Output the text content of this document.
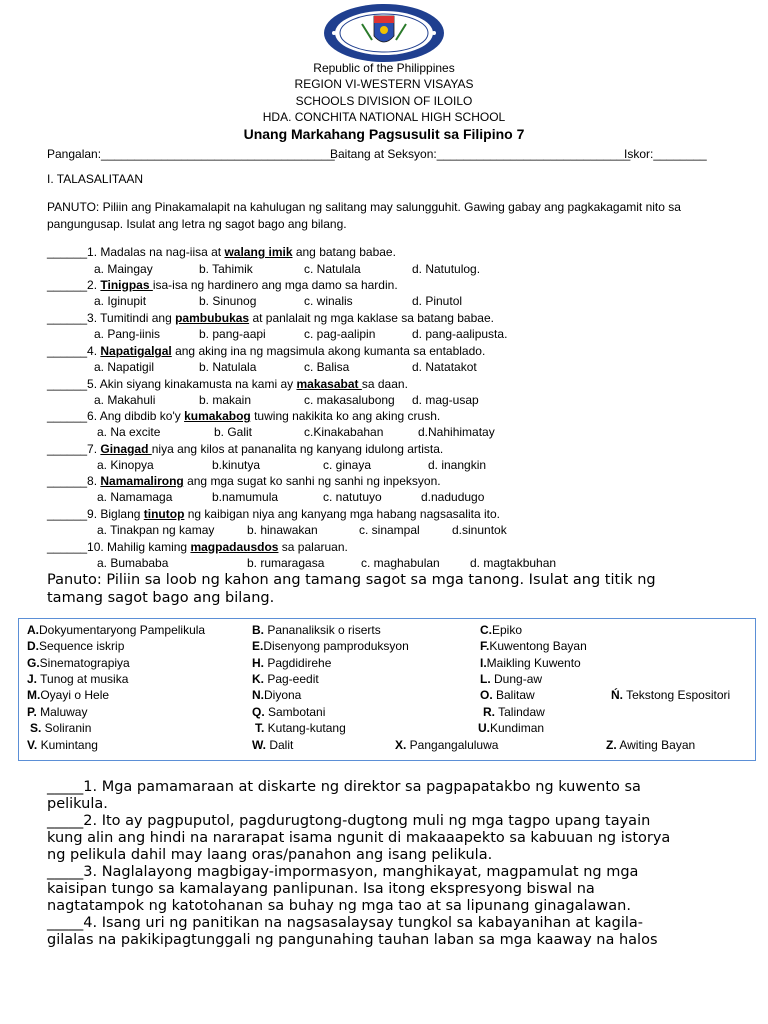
Republic of the Philippines
REGION VI-WESTERN VISAYAS
SCHOOLS DIVISION OF ILOILO
HDA. CONCHITA NATIONAL HIGH SCHOOL
Unang Markahang Pagsusulit sa Filipino 7
Pangalan:___________________________________
Baitang at Seksyon:_____________________________
Iskor:________
I. TALASALITAAN
PANUTO: Piliin ang Pinakamalapit na kahulugan ng salitang may salungguhit. Gawing gabay ang pagkakagamit nito sa
pangungusap. Isulat ang letra ng sagot bago ang bilang.
______1. Madalas na nag-iisa at walang imik ang batang babae.
a. Maingay	b. Tahimik	c. Natulala	d. Natutulog.
______2. Tinigpas isa-isa ng hardinero ang mga damo sa hardin.
a. Iginupit	b. Sinunog	c. winalis	d. Pinutol
______3. Tumitindi ang pambubukas at panlalait ng mga kaklase sa batang babae.
a. Pang-iinis	b. pang-aapi	c. pag-aalipin	d. pang-aalipusta.
______4. Napatigalgal ang aking ina ng magsimula akong kumanta sa entablado.
a. Napatigil	b. Natulala	c. Balisa	d. Natatakot
______5. Akin siyang kinakamusta na kami ay makasabat sa daan.
a. Makahuli	b. makain	c. makasalubong d. mag-usap
______6. Ang dibdib ko'y kumakabog tuwing nakikita ko ang aking crush.
a. Na excite	b. Galit	c.Kinakabahan	d.Nahihimatay
______7. Ginagad niya ang kilos at pananalita ng kanyang idulong artista.
a. Kinopya	b.kinutya	c. ginaya	d. inangkin
______8. Namamalirong ang mga sugat ko sanhi ng sanhi ng inpeksyon.
a. Namamaga	b.namumula	c. natutuyo	d.nadudugo
______9. Biglang tinutop ng kaibigan niya ang kanyang mga habang nagsasalita ito.
a. Tinakpan ng kamay	b. hinawakan	c. sinampal	d.sinuntok
______10. Mahilig kaming magpadausdos sa palaruan.
a. Bumababa	b. rumaragasa	c. maghabulan	d. magtakbuhan
Panuto: Piliin sa loob ng kahon ang tamang sagot sa mga tanong. Isulat ang titik ng
tamang sagot bago ang bilang.
A.Dokyumentaryong Pampelikula	B. Pananaliksik o riserts	C.Epiko
D.Sequence iskrip	E.Disenyong pamproduksyon	F.Kuwentong Bayan
G.Sinematograpiya	H. Pagdidirehe	I.Maikling Kuwento
J. Tunog at musika	K. Pag-eedit	L. Dung-aw
M.Oyayi o Hele	N.Diyona	O. Balitaw	Ń. Tekstong Espositori
P. Maluway	Q. Sambotani	R. Talindaw
S. Soliranin	T. Kutang-kutang	U.Kundiman
V. Kumintang	W. Dalit	X. Pangangaluluwa	Z. Awiting Bayan
_____1. Mga pamamaraan at diskarte ng direktor sa pagpapatakbo ng kuwento sa
pelikula.
_____2. Ito ay pagpuputol, pagdurugtong-dugtong muli ng mga tagpo upang tayain
kung alin ang hindi na nararapat isama ngunit di makaaapekto sa kabuuan ng istorya
ng pelikula dahil may laang oras/panahon ang isang pelikula.
_____3. Naglalayong magbigay-impormasyon, manghikayat, magpamulat ng mga
kaisipan tungo sa kamalayang panlipunan. Isa itong ekspresyong biswal na
nagtatampok ng katotohanan sa buhay ng mga tao at sa lipunang ginagalawan.
_____4. Isang uri ng panitikan na nagsasalaysay tungkol sa kabayanihan at kagila-
gilalas na pakikipagtunggali ng pangunahing tauhan laban sa mga kaaway na halos
